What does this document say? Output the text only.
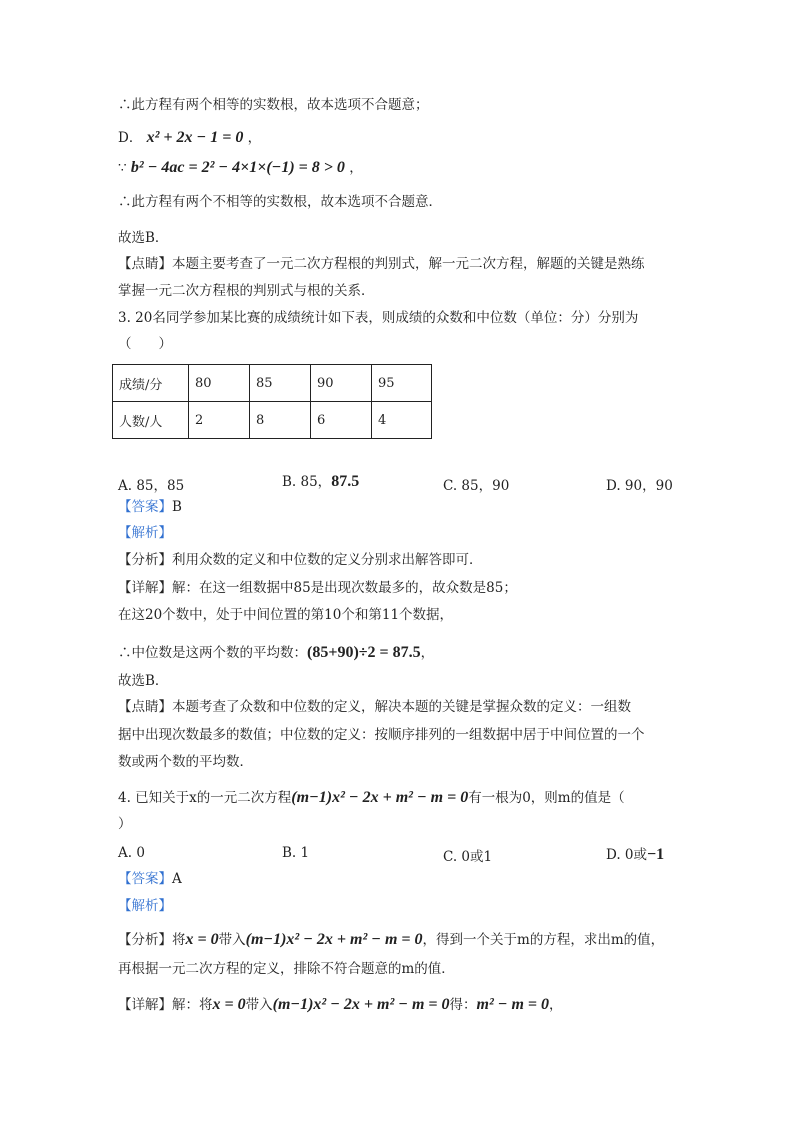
∴此方程有两个相等的实数根，故本选项不合题意；
D． x² + 2x − 1 = 0 ，
∵ b² − 4ac = 2² − 4×1×(−1) = 8 > 0 ，
∴此方程有两个不相等的实数根，故本选项不合题意．
故选B．
【点睛】本题主要考查了一元二次方程根的判别式，解一元二次方程，解题的关键是熟练
掌握一元二次方程根的判别式与根的关系．
3. 20名同学参加某比赛的成绩统计如下表，则成绩的众数和中位数（单位：分）分别为
（　　）
成绩/分	80	85	90	95
人数/人	2	8	6	4
A. 85，85	B. 85，87.5	C. 85，90	D. 90，90
【答案】B
【解析】
【分析】利用众数的定义和中位数的定义分别求出解答即可．
【详解】解：在这一组数据中85是出现次数最多的，故众数是85；
在这20个数中，处于中间位置的第10个和第11个数据，
∴中位数是这两个数的平均数：(85+90)÷2 = 87.5，
故选B．
【点睛】本题考查了众数和中位数的定义，解决本题的关键是掌握众数的定义：一组数
据中出现次数最多的数值；中位数的定义：按顺序排列的一组数据中居于中间位置的一个
数或两个数的平均数．
4. 已知关于x的一元二次方程(m−1)x² − 2x + m² − m = 0有一根为0，则m的值是（
）
A. 0	B. 1	C. 0或1	D. 0或−1
【答案】A
【解析】
【分析】将x = 0带入(m−1)x² − 2x + m² − m = 0，得到一个关于m的方程，求出m的值，
再根据一元二次方程的定义，排除不符合题意的m的值．
【详解】解：将x = 0带入(m−1)x² − 2x + m² − m = 0得：m² − m = 0，
